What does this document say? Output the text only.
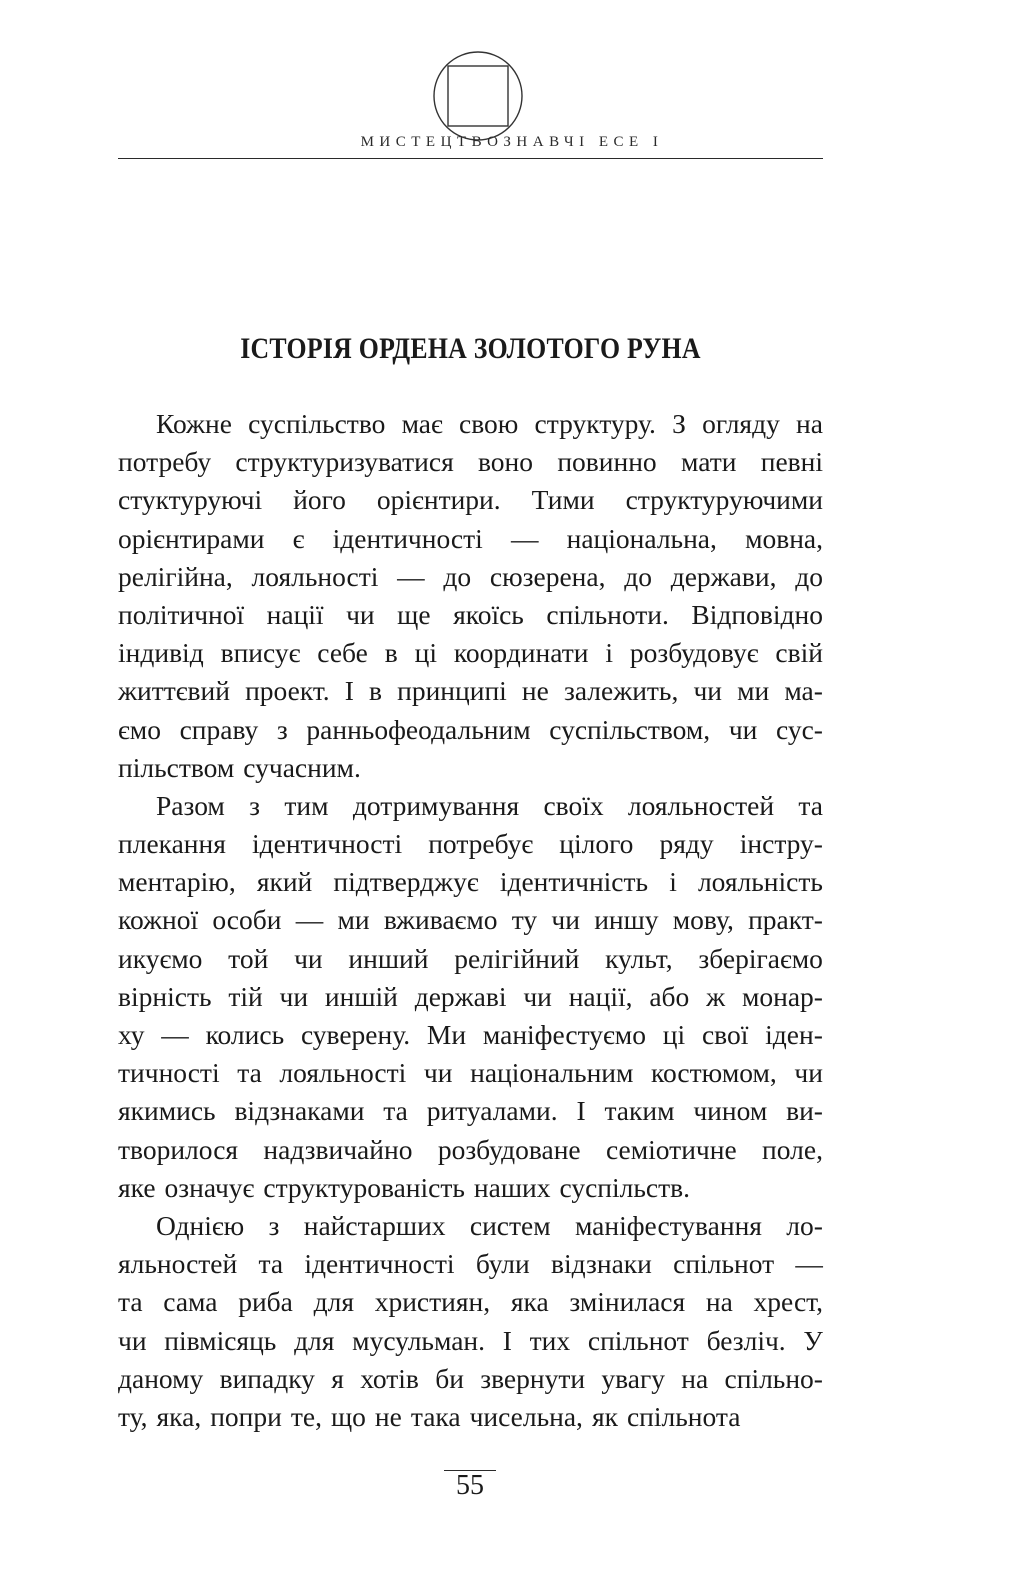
МИСТЕЦТВОЗНАВЧІ ЕСЕ І
ІСТОРІЯ ОРДЕНА ЗОЛОТОГО РУНА
Кожне суспільство має свою структуру. З огляду на
потребу структуризуватися воно повинно мати певні
стуктуруючі його орієнтири. Тими структуруючими
орієнтирами є ідентичності — національна, мовна,
релігійна, лояльності — до сюзерена, до держави, до
політичної нації чи ще якоїсь спільноти. Відповідно
індивід вписує себе в ці координати і розбудовує свій
життєвий проект. І в принципі не залежить, чи ми ма-
ємо справу з ранньофеодальним суспільством, чи сус-
пільством сучасним.
Разом з тим дотримування своїх лояльностей та
плекання ідентичності потребує цілого ряду інстру-
ментарію, який підтверджує ідентичність і лояльність
кожної особи — ми вживаємо ту чи иншу мову, практ-
икуємо той чи инший релігійний культ, зберігаємо
вірність тій чи иншій державі чи нації, або ж монар-
ху — колись суверену. Ми маніфестуємо ці свої іден-
тичності та лояльності чи національним костюмом, чи
якимись відзнаками та ритуалами. І таким чином ви-
творилося надзвичайно розбудоване семіотичне поле,
яке означує структурованість наших суспільств.
Однією з найстарших систем маніфестування ло-
яльностей та ідентичності були відзнаки спільнот —
та сама риба для християн, яка змінилася на хрест,
чи півмісяць для мусульман. І тих спільнот безліч. У
даному випадку я хотів би звернути увагу на спільно-
ту, яка, попри те, що не така чисельна, як спільнота
55
